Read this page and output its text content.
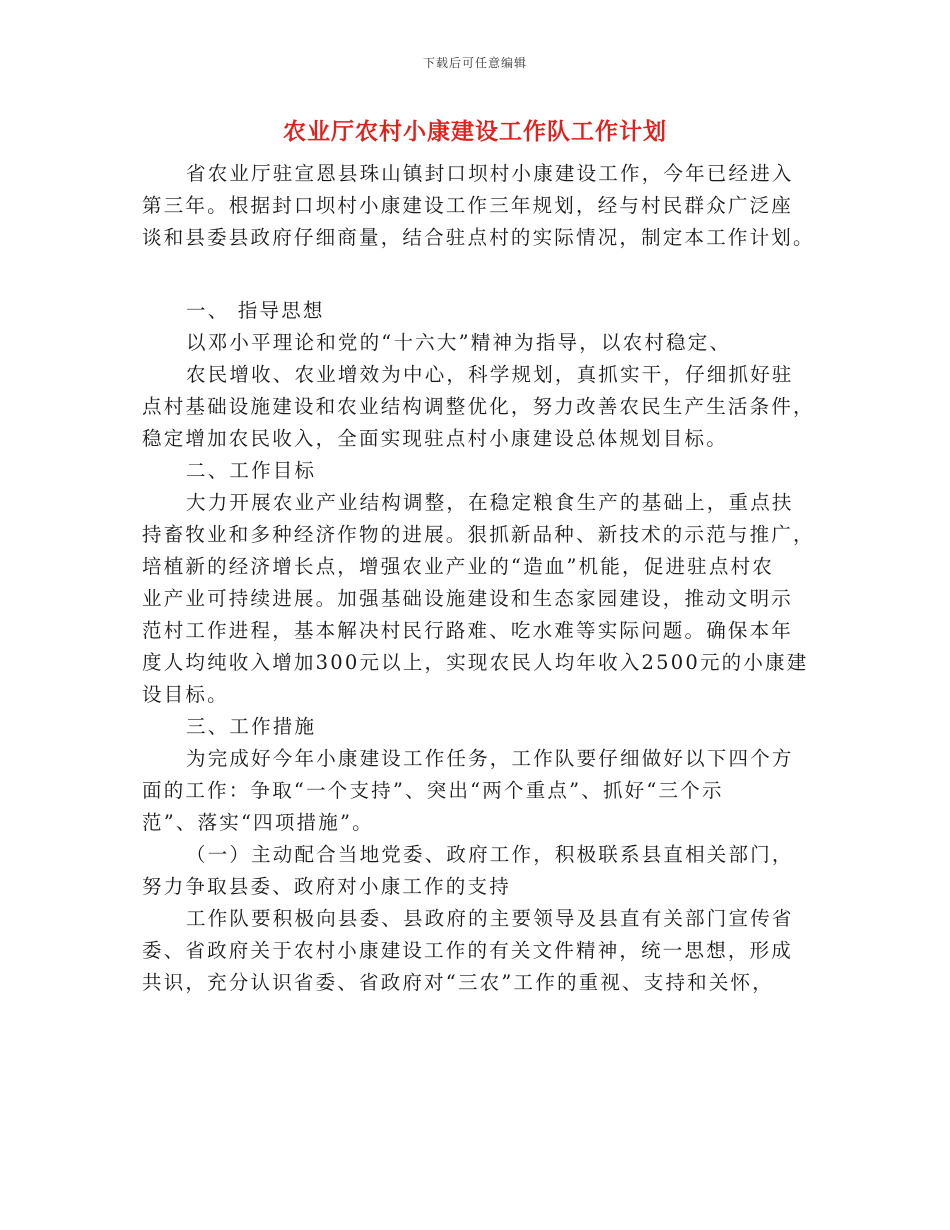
下载后可任意编辑
农业厅农村小康建设工作队工作计划
省农业厅驻宣恩县珠山镇封口坝村小康建设工作，今年已经进入
第三年。根据封口坝村小康建设工作三年规划，经与村民群众广泛座
谈和县委县政府仔细商量，结合驻点村的实际情况，制定本工作计划。
一、 指导思想
以邓小平理论和党的“十六大”精神为指导，以农村稳定、
农民增收、农业增效为中心，科学规划，真抓实干，仔细抓好驻
点村基础设施建设和农业结构调整优化，努力改善农民生产生活条件，
稳定增加农民收入，全面实现驻点村小康建设总体规划目标。
二、工作目标
大力开展农业产业结构调整，在稳定粮食生产的基础上，重点扶
持畜牧业和多种经济作物的进展。狠抓新品种、新技术的示范与推广，
培植新的经济增长点，增强农业产业的“造血”机能，促进驻点村农
业产业可持续进展。加强基础设施建设和生态家园建设，推动文明示
范村工作进程，基本解决村民行路难、吃水难等实际问题。确保本年
度人均纯收入增加300元以上，实现农民人均年收入2500元的小康建
设目标。
三、工作措施
为完成好今年小康建设工作任务，工作队要仔细做好以下四个方
面的工作：争取“一个支持”、突出“两个重点”、抓好“三个示
范”、落实“四项措施”。
（一）主动配合当地党委、政府工作，积极联系县直相关部门，
努力争取县委、政府对小康工作的支持
工作队要积极向县委、县政府的主要领导及县直有关部门宣传省
委、省政府关于农村小康建设工作的有关文件精神，统一思想，形成
共识，充分认识省委、省政府对“三农”工作的重视、支持和关怀，
